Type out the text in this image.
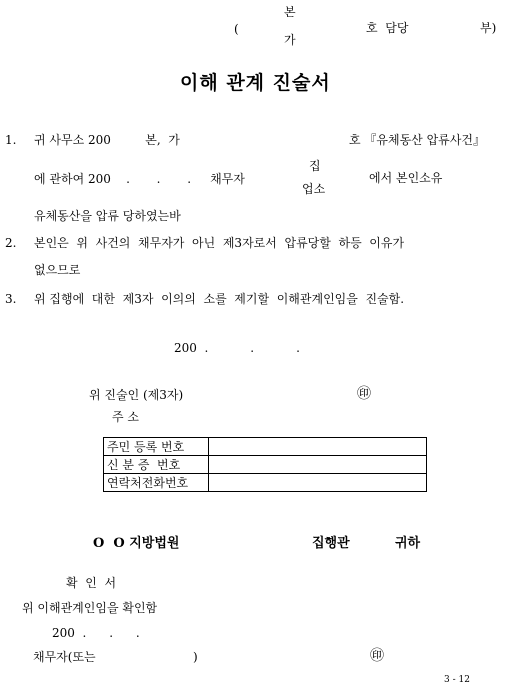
(
본
가
호  담당	부)
이해 관계 진술서
1. 귀 사무소 200         본,  가	호 『유체동산 압류사건』
에 관하여 200    .       .       .     채무자
집
업소
에서 본인소유
유체동산을 압류 당하였는바
2. 본인은  위  사건의  채무자가  아닌  제3자로서  압류당할  하등  이유가
없으므로
3. 위 집행에  대한  제3자  이의의  소를  제기할  이해관계인임을  진술함.
200  .           .           .
위 진술인 (제3자)	㊞
주 소
주민 등록 번호	
신 분 증  번호	
연락처전화번호	
O  O 지방법원	집행관	귀하
확  인  서
위 이해관계인임을 확인함
200  .      .      .
채무자(또는	)	㊞
3 - 12
